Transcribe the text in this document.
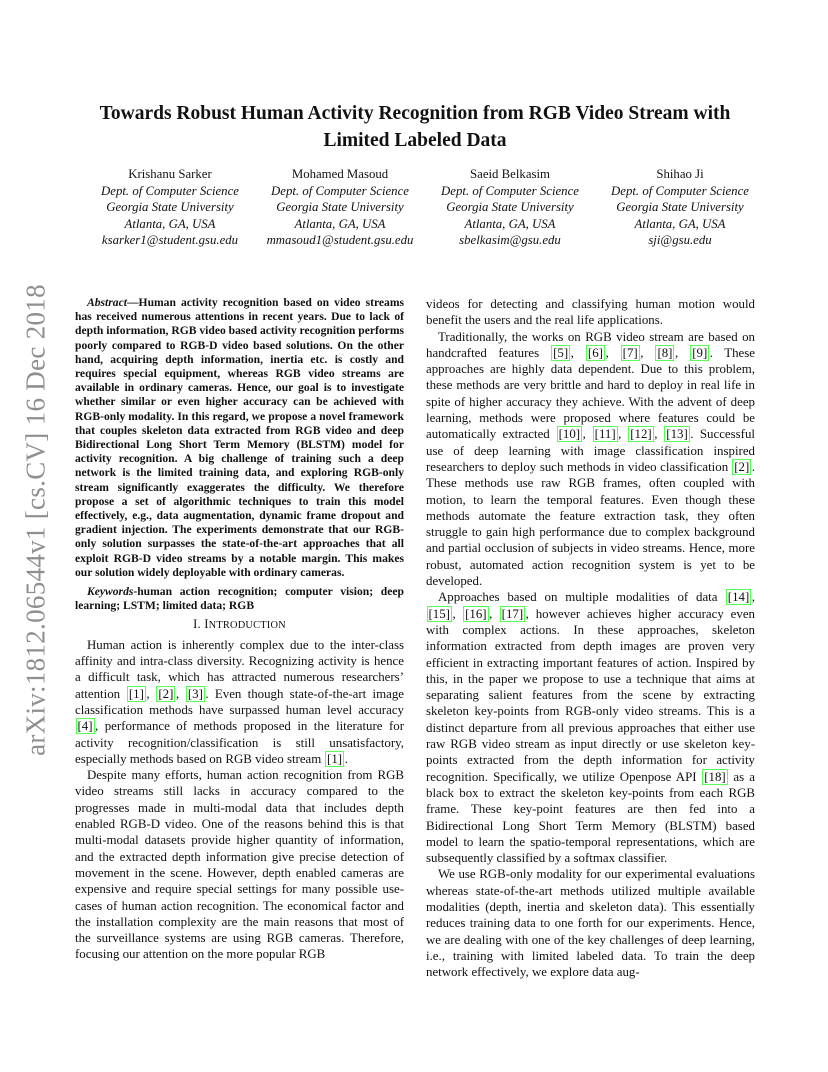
arXiv:1812.06544v1 [cs.CV] 16 Dec 2018
Towards Robust Human Activity Recognition from RGB Video Stream with Limited Labeled Data
Krishanu Sarker
Dept. of Computer Science
Georgia State University
Atlanta, GA, USA
ksarker1@student.gsu.edu
Mohamed Masoud
Dept. of Computer Science
Georgia State University
Atlanta, GA, USA
mmasoud1@student.gsu.edu
Saeid Belkasim
Dept. of Computer Science
Georgia State University
Atlanta, GA, USA
sbelkasim@gsu.edu
Shihao Ji
Dept. of Computer Science
Georgia State University
Atlanta, GA, USA
sji@gsu.edu

Abstract—Human activity recognition based on video streams has received numerous attentions in recent years. Due to lack of depth information, RGB video based activity recognition performs poorly compared to RGB-D video based solutions. On the other hand, acquiring depth information, inertia etc. is costly and requires special equipment, whereas RGB video streams are available in ordinary cameras. Hence, our goal is to investigate whether similar or even higher accuracy can be achieved with RGB-only modality. In this regard, we propose a novel framework that couples skeleton data extracted from RGB video and deep Bidirectional Long Short Term Memory (BLSTM) model for activity recognition. A big challenge of training such a deep network is the limited training data, and exploring RGB-only stream significantly exaggerates the difficulty. We therefore propose a set of algorithmic techniques to train this model effectively, e.g., data augmentation, dynamic frame dropout and gradient injection. The experiments demonstrate that our RGB-only solution surpasses the state-of-the-art approaches that all exploit RGB-D video streams by a notable margin. This makes our solution widely deployable with ordinary cameras.

Keywords-human action recognition; computer vision; deep learning; LSTM; limited data; RGB

I. INTRODUCTION

Human action is inherently complex due to the inter-class affinity and intra-class diversity. Recognizing activity is hence a difficult task, which has attracted numerous researchers’ attention [1] , [2] , [3] . Even though state-of-the-art image classification methods have surpassed human level accuracy [4] , performance of methods proposed in the literature for activity recognition/classification is still unsatisfactory, especially methods based on RGB video stream [1] .

Despite many efforts, human action recognition from RGB video streams still lacks in accuracy compared to the progresses made in multi-modal data that includes depth enabled RGB-D video. One of the reasons behind this is that multi-modal datasets provide higher quantity of information, and the extracted depth information give precise detection of movement in the scene. However, depth enabled cameras are expensive and require special settings for many possible use-cases of human action recognition. The economical factor and the installation complexity are the main reasons that most of the surveillance systems are using RGB cameras. Therefore, focusing our attention on the more popular RGB

videos for detecting and classifying human motion would benefit the users and the real life applications.

Traditionally, the works on RGB video stream are based on handcrafted features [5] , [6] , [7] , [8] , [9] . These approaches are highly data dependent. Due to this problem, these methods are very brittle and hard to deploy in real life in spite of higher accuracy they achieve. With the advent of deep learning, methods were proposed where features could be automatically extracted [10] , [11] , [12] , [13] . Successful use of deep learning with image classification inspired researchers to deploy such methods in video classification [2] . These methods use raw RGB frames, often coupled with motion, to learn the temporal features. Even though these methods automate the feature extraction task, they often struggle to gain high performance due to complex background and partial occlusion of subjects in video streams. Hence, more robust, automated action recognition system is yet to be developed.

Approaches based on multiple modalities of data [14] , [15] , [16] , [17] , however achieves higher accuracy even with complex actions. In these approaches, skeleton information extracted from depth images are proven very efficient in extracting important features of action. Inspired by this, in the paper we propose to use a technique that aims at separating salient features from the scene by extracting skeleton key-points from RGB-only video streams. This is a distinct departure from all previous approaches that either use raw RGB video stream as input directly or use skeleton key-points extracted from the depth information for activity recognition. Specifically, we utilize Openpose API [18] as a black box to extract the skeleton key-points from each RGB frame. These key-point features are then fed into a Bidirectional Long Short Term Memory (BLSTM) based model to learn the spatio-temporal representations, which are subsequently classified by a softmax classifier.

We use RGB-only modality for our experimental evaluations whereas state-of-the-art methods utilized multiple available modalities (depth, inertia and skeleton data). This essentially reduces training data to one forth for our experiments. Hence, we are dealing with one of the key challenges of deep learning, i.e., training with limited labeled data. To train the deep network effectively, we explore data aug-
